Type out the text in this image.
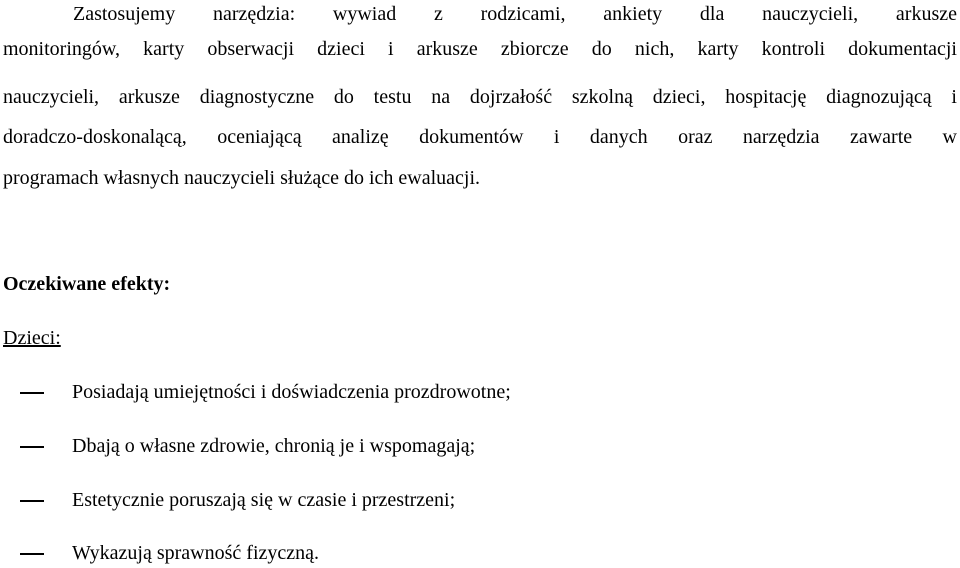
Zastosujemy narzędzia: wywiad z rodzicami, ankiety dla nauczycieli, arkusze
monitoringów, karty obserwacji dzieci i arkusze zbiorcze do nich, karty kontroli dokumentacji
nauczycieli, arkusze diagnostyczne do testu na dojrzałość szkolną dzieci, hospitację diagnozującą i
doradczo-doskonalącą, oceniającą analizę dokumentów i danych oraz narzędzia zawarte w
programach własnych nauczycieli służące do ich ewaluacji.
Oczekiwane efekty:
Dzieci:
Posiadają umiejętności i doświadczenia prozdrowotne;
Dbają o własne zdrowie, chronią je i wspomagają;
Estetycznie poruszają się w czasie i przestrzeni;
Wykazują sprawność fizyczną.
